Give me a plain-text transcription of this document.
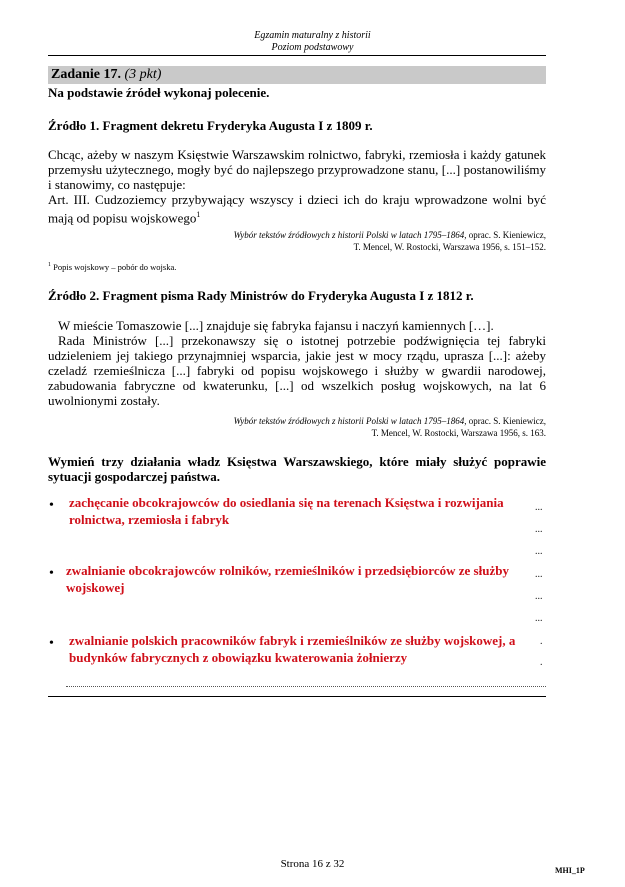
Egzamin maturalny z historii
Poziom podstawowy
Zadanie 17. (3 pkt)
Na podstawie źródeł wykonaj polecenie.
Źródło 1. Fragment dekretu Fryderyka Augusta I z 1809 r.
Chcąc, ażeby w naszym Księstwie Warszawskim rolnictwo, fabryki, rzemiosła i każdy gatunek przemysłu użytecznego, mogły być do najlepszego przyprowadzone stanu, [...] postanowiliśmy i stanowimy, co następuje:
Art. III. Cudzoziemcy przybywający wszyscy i dzieci ich do kraju wprowadzone wolni być mają od popisu wojskowego$^1$
Wybór tekstów źródłowych z historii Polski w latach 1795–1864, oprac. S. Kieniewicz,
T. Mencel, W. Rostocki, Warszawa 1956, s. 151–152.
$^1$ Popis wojskowy – pobór do wojska.
Źródło 2. Fragment pisma Rady Ministrów do Fryderyka Augusta I z 1812 r.
W mieście Tomaszowie [...] znajduje się fabryka fajansu i naczyń kamiennych […].
Rada Ministrów [...] przekonawszy się o istotnej potrzebie podźwignięcia tej fabryki udzieleniem jej takiego przynajmniej wsparcia, jakie jest w mocy rządu, uprasza [...]: ażeby czeladź rzemieślnicza [...] fabryki od popisu wojskowego i służby w gwardii narodowej, zabudowania fabryczne od kwaterunku, [...] od wszelkich posług wojskowych, na lat 6 uwolnionymi zostały.
Wybór tekstów źródłowych z historii Polski w latach 1795–1864, oprac. S. Kieniewicz,
T. Mencel, W. Rostocki, Warszawa 1956, s. 163.
Wymień trzy działania władz Księstwa Warszawskiego, które miały służyć poprawie sytuacji gospodarczej państwa.
• zachęcanie obcokrajowców do osiedlania się na terenach Księstwa i rozwijania rolnictwa, rzemiosła i fabryk
...
...
...
• zwalnianie obcokrajowców rolników, rzemieślników i przedsiębiorców ze służby wojskowej
...
...
...
• zwalnianie polskich pracowników fabryk i rzemieślników ze służby wojskowej, a budynków fabrycznych z obowiązku kwaterowania żołnierzy
.
.
Strona 16 z 32
MHI_1P
